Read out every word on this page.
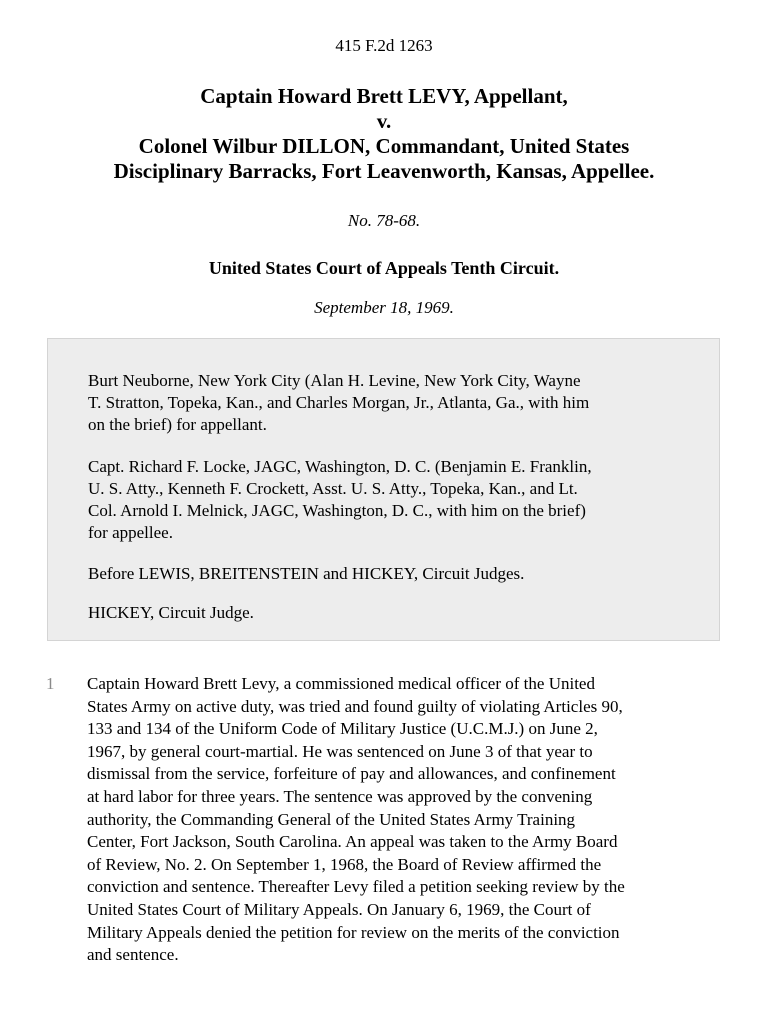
415 F.2d 1263
Captain Howard Brett LEVY, Appellant,
v.
Colonel Wilbur DILLON, Commandant, United States
Disciplinary Barracks, Fort Leavenworth, Kansas, Appellee.
No. 78-68.
United States Court of Appeals Tenth Circuit.
September 18, 1969.

Burt Neuborne, New York City (Alan H. Levine, New York City, Wayne
T. Stratton, Topeka, Kan., and Charles Morgan, Jr., Atlanta, Ga., with him
on the brief) for appellant.

Capt. Richard F. Locke, JAGC, Washington, D. C. (Benjamin E. Franklin,
U. S. Atty., Kenneth F. Crockett, Asst. U. S. Atty., Topeka, Kan., and Lt.
Col. Arnold I. Melnick, JAGC, Washington, D. C., with him on the brief)
for appellee.

Before LEWIS, BREITENSTEIN and HICKEY, Circuit Judges.

HICKEY, Circuit Judge.

1 Captain Howard Brett Levy, a commissioned medical officer of the United
States Army on active duty, was tried and found guilty of violating Articles 90,
133 and 134 of the Uniform Code of Military Justice (U.C.M.J.) on June 2,
1967, by general court-martial. He was sentenced on June 3 of that year to
dismissal from the service, forfeiture of pay and allowances, and confinement
at hard labor for three years. The sentence was approved by the convening
authority, the Commanding General of the United States Army Training
Center, Fort Jackson, South Carolina. An appeal was taken to the Army Board
of Review, No. 2. On September 1, 1968, the Board of Review affirmed the
conviction and sentence. Thereafter Levy filed a petition seeking review by the
United States Court of Military Appeals. On January 6, 1969, the Court of
Military Appeals denied the petition for review on the merits of the conviction
and sentence.
